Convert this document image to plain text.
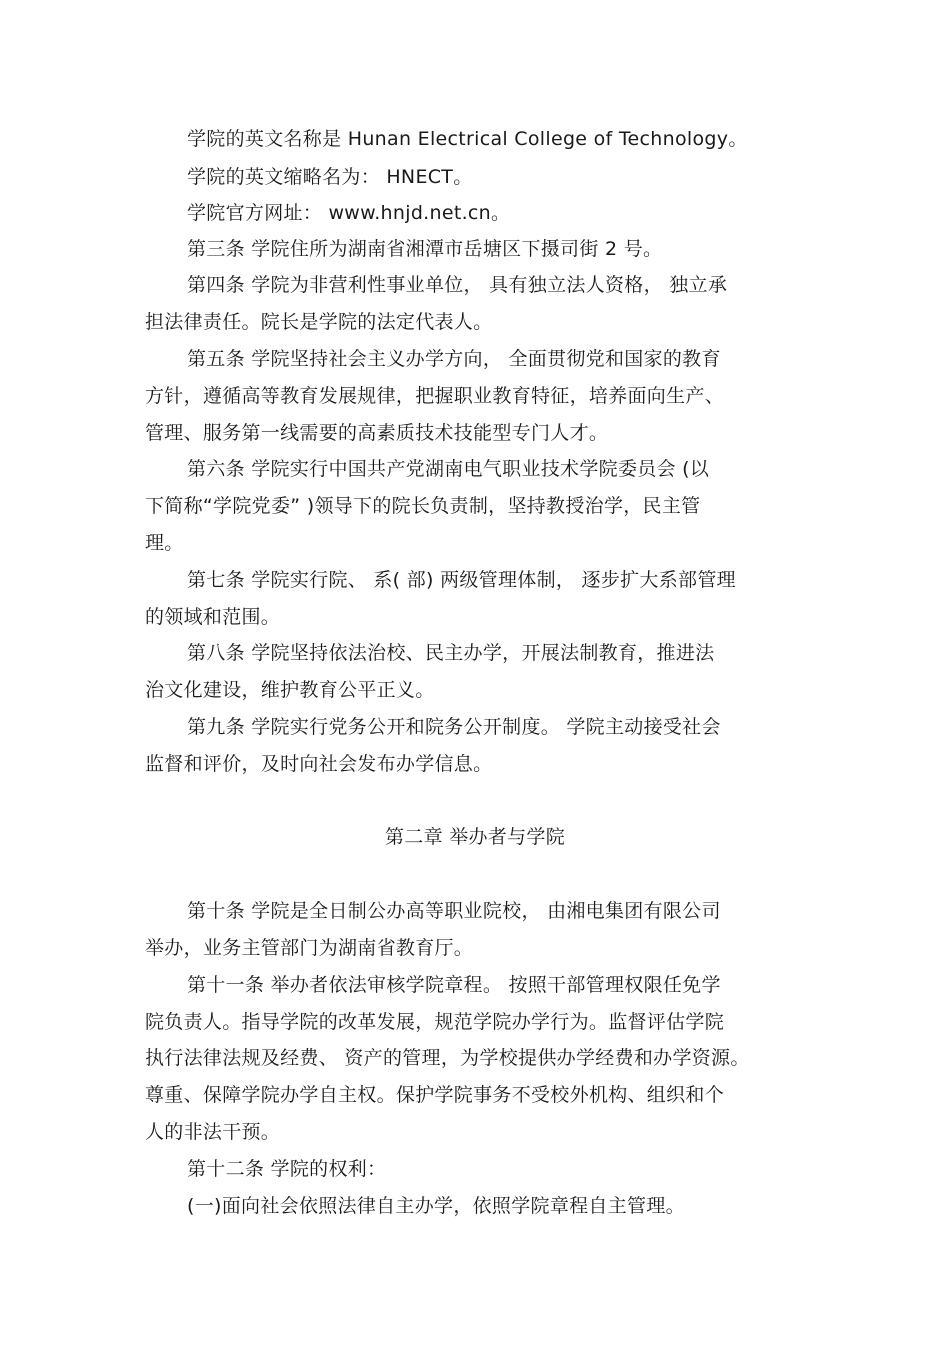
学院的英文名称是 Hunan Electrical College of Technology。
学院的英文缩略名为： HNECT。
学院官方网址： www.hnjd.net.cn。
第三条 学院住所为湖南省湘潭市岳塘区下摄司街 2 号。
第四条 学院为非营利性事业单位， 具有独立法人资格， 独立承
担法律责任。院长是学院的法定代表人。
第五条 学院坚持社会主义办学方向， 全面贯彻党和国家的教育
方针，遵循高等教育发展规律，把握职业教育特征，培养面向生产、
管理、服务第一线需要的高素质技术技能型专门人才。
第六条 学院实行中国共产党湖南电气职业技术学院委员会 (以
下简称“学院党委” )领导下的院长负责制，坚持教授治学，民主管
理。
第七条 学院实行院、 系( 部) 两级管理体制， 逐步扩大系部管理
的领域和范围。
第八条 学院坚持依法治校、民主办学，开展法制教育，推进法
治文化建设，维护教育公平正义。
第九条 学院实行党务公开和院务公开制度。 学院主动接受社会
监督和评价，及时向社会发布办学信息。
第二章 举办者与学院
第十条 学院是全日制公办高等职业院校， 由湘电集团有限公司
举办，业务主管部门为湖南省教育厅。
第十一条 举办者依法审核学院章程。 按照干部管理权限任免学
院负责人。指导学院的改革发展，规范学院办学行为。监督评估学院
执行法律法规及经费、 资产的管理，为学校提供办学经费和办学资源。
尊重、保障学院办学自主权。保护学院事务不受校外机构、组织和个
人的非法干预。
第十二条 学院的权利：
(一)面向社会依照法律自主办学，依照学院章程自主管理。
